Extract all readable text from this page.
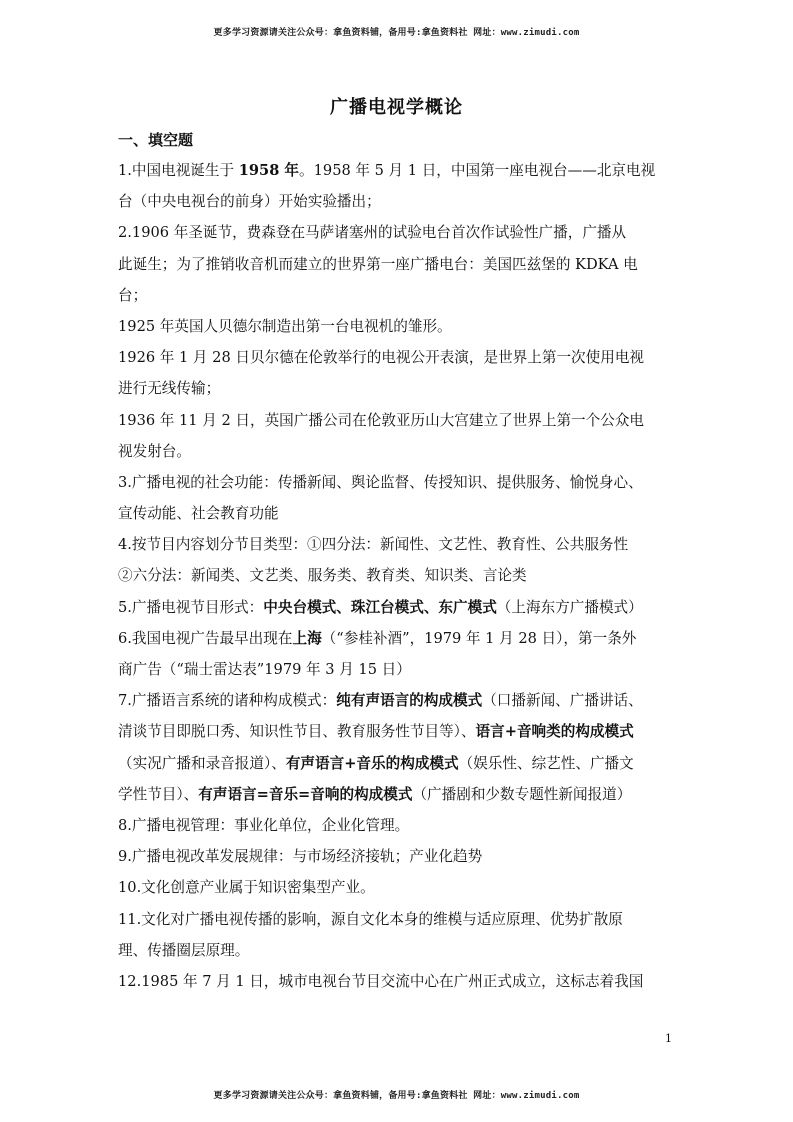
更多学习资源请关注公众号：拿鱼资料铺，备用号:拿鱼资料社 网址：www.zimudi.com
广播电视学概论
一、填空题
1.中国电视诞生于 1958 年。1958 年 5 月 1 日，中国第一座电视台——北京电视
台（中央电视台的前身）开始实验播出；
2.1906 年圣诞节，费森登在马萨诸塞州的试验电台首次作试验性广播，广播从
此诞生；为了推销收音机而建立的世界第一座广播电台：美国匹兹堡的 KDKA 电
台；
1925 年英国人贝德尔制造出第一台电视机的雏形。
1926 年 1 月 28 日贝尔德在伦敦举行的电视公开表演，是世界上第一次使用电视
进行无线传输；
1936 年 11 月 2 日，英国广播公司在伦敦亚历山大宫建立了世界上第一个公众电
视发射台。
3.广播电视的社会功能：传播新闻、舆论监督、传授知识、提供服务、愉悦身心、
宣传动能、社会教育功能
4.按节目内容划分节目类型：①四分法：新闻性、文艺性、教育性、公共服务性
②六分法：新闻类、文艺类、服务类、教育类、知识类、言论类
5.广播电视节目形式：中央台模式、珠江台模式、东广模式（上海东方广播模式）
6.我国电视广告最早出现在上海（“参桂补酒”，1979 年 1 月 28 日），第一条外
商广告（“瑞士雷达表”1979 年 3 月 15 日）
7.广播语言系统的诸种构成模式：纯有声语言的构成模式（口播新闻、广播讲话、
清谈节目即脱口秀、知识性节目、教育服务性节目等）、语言+音响类的构成模式
（实况广播和录音报道）、有声语言+音乐的构成模式（娱乐性、综艺性、广播文
学性节目）、有声语言=音乐=音响的构成模式（广播剧和少数专题性新闻报道）
8.广播电视管理：事业化单位，企业化管理。
9.广播电视改革发展规律：与市场经济接轨；产业化趋势
10.文化创意产业属于知识密集型产业。
11.文化对广播电视传播的影响，源自文化本身的维模与适应原理、优势扩散原
理、传播圈层原理。
12.1985 年 7 月 1 日，城市电视台节目交流中心在广州正式成立，这标志着我国
1
更多学习资源请关注公众号：拿鱼资料铺，备用号:拿鱼资料社 网址：www.zimudi.com
